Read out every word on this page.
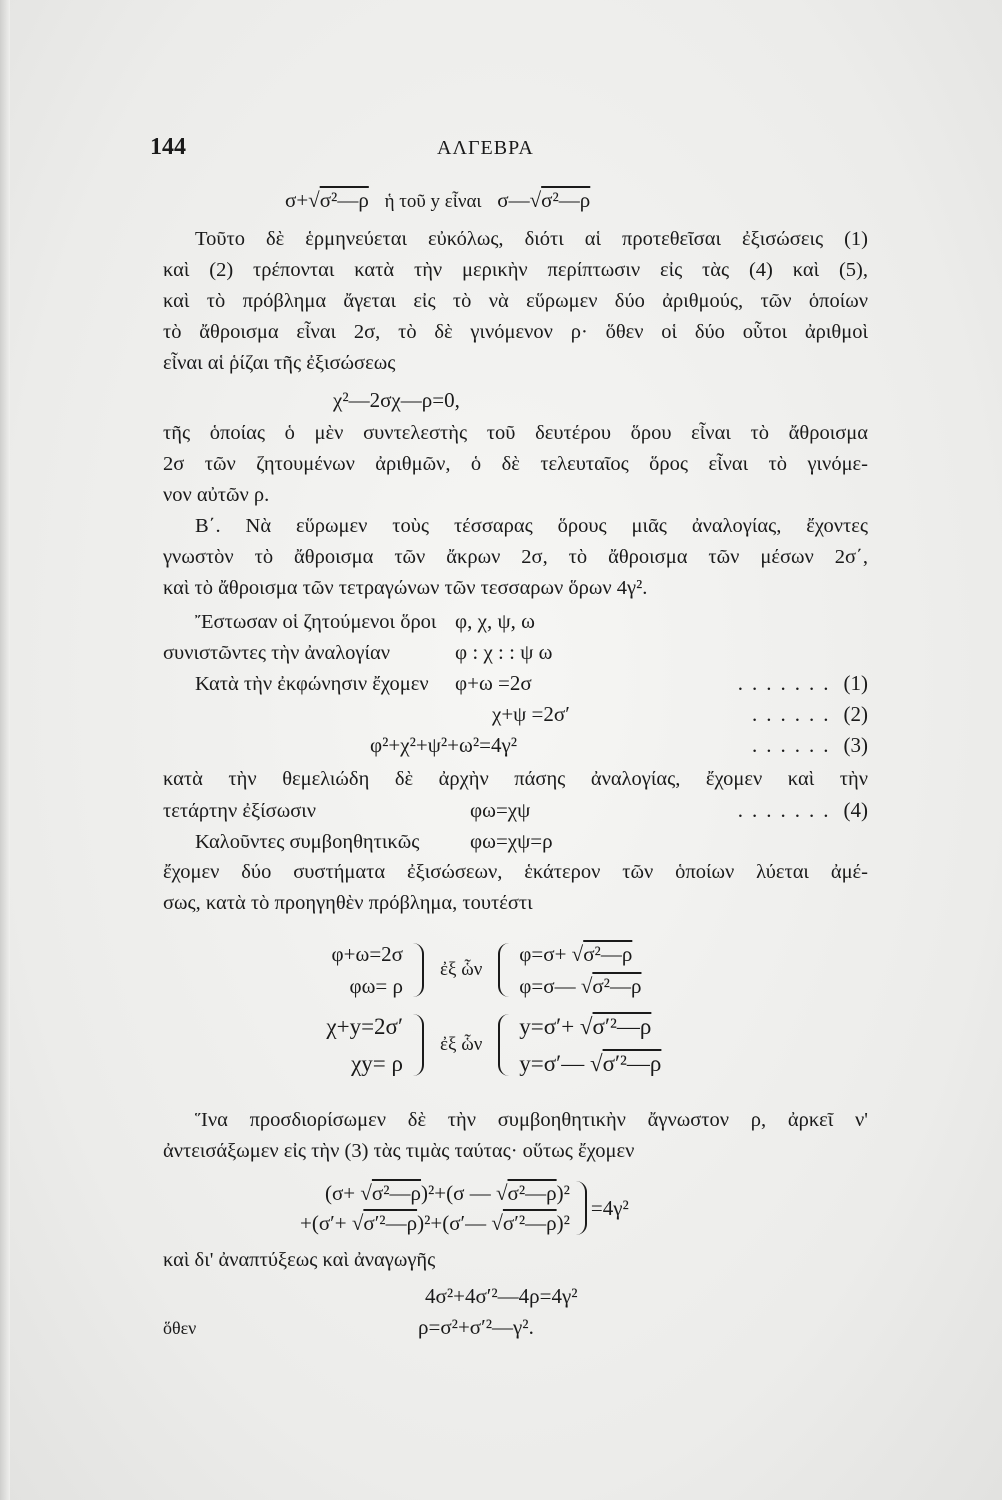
144	ΑΛΓΕΒΡΑ
σ+√σ²—ρ ἡ τοῦ y εἶναι σ—√σ²—ρ
Τοῦτο δὲ ἑρμηνεύεται εὐκόλως, διότι αἱ προτεθεῖσαι ἐξισώσεις (1)
καὶ (2) τρέπονται κατὰ τὴν μερικὴν περίπτωσιν εἰς τὰς (4) καὶ (5),
καὶ τὸ πρόβλημα ἄγεται εἰς τὸ νὰ εὕρωμεν δύο ἀριθμούς, τῶν ὁποίων
τὸ ἄθροισμα εἶναι 2σ, τὸ δὲ γινόμενον ρ· ὅθεν οἱ δύο οὗτοι ἀριθμοὶ
εἶναι αἱ ῥίζαι τῆς ἐξισώσεως
χ²—2σχ—ρ=0,
τῆς ὁποίας ὁ μὲν συντελεστὴς τοῦ δευτέρου ὅρου εἶναι τὸ ἄθροισμα
2σ τῶν ζητουμένων ἀριθμῶν, ὁ δὲ τελευταῖος ὅρος εἶναι τὸ γινόμε-
νον αὐτῶν ρ.
Β΄. Νὰ εὕρωμεν τοὺς τέσσαρας ὅρους μιᾶς ἀναλογίας, ἔχοντες
γνωστὸν τὸ ἄθροισμα τῶν ἄκρων 2σ, τὸ ἄθροισμα τῶν μέσων 2σ΄,
καὶ τὸ ἄθροισμα τῶν τετραγώνων τῶν τεσσαρων ὅρων 4γ².
Ἔστωσαν οἱ ζητούμενοι ὅροι φ, χ, ψ, ω
συνιστῶντες τὴν ἀναλογίαν	φ : χ : : ψ ω
Κατὰ τὴν ἐκφώνησιν ἔχομεν	φ+ω =2σ	....... (1)
χ+ψ =2σ′	...... (2)
φ²+χ²+ψ²+ω²=4γ²	...... (3)
κατὰ τὴν θεμελιώδη δὲ ἀρχὴν πάσης ἀναλογίας, ἔχομεν καὶ τὴν
τετάρτην ἐξίσωσιν	φω=χψ	....... (4)
Καλοῦντες συμβοηθητικῶς	φω=χψ=ρ
ἔχομεν δύο συστήματα ἐξισώσεων, ἑκάτερον τῶν ὁποίων λύεται ἀμέ-
σως, κατὰ τὸ προηγηθὲν πρόβλημα, τουτέστι
φ+ω=2σ
φω= ρ
ἐξ ὧν
φ=σ+ √σ²—ρ
φ=σ— √σ²—ρ
χ+y=2σ′
χy= ρ
ἐξ ὧν
y=σ′+ √σ′²—ρ
y=σ′— √σ′²—ρ
Ἵνα προσδιορίσωμεν δὲ τὴν συμβοηθητικὴν ἄγνωστον ρ, ἀρκεῖ ν'
ἀντεισάξωμεν εἰς τὴν (3) τὰς τιμὰς ταύτας· οὕτως ἔχομεν
(σ+ √σ²—ρ)²+(σ — √σ²—ρ)²
+(σ′+ √σ′²—ρ)²+(σ′— √σ′²—ρ)²
=4γ²
καὶ δι' ἀναπτύξεως καὶ ἀναγωγῆς
4σ²+4σ′²—4ρ=4γ²
ὅθεν	ρ=σ²+σ′²—γ².
